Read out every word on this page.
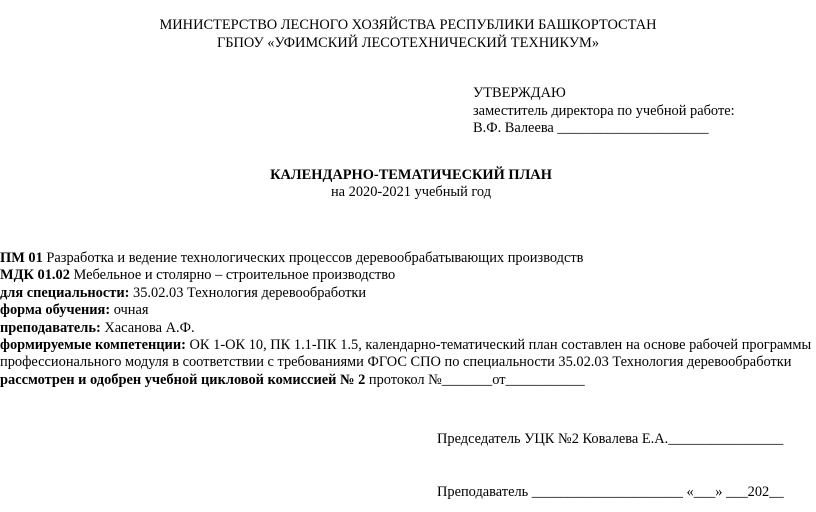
МИНИСТЕРСТВО ЛЕСНОГО ХОЗЯЙСТВА РЕСПУБЛИКИ БАШКОРТОСТАН
ГБПОУ «УФИМСКИЙ ЛЕСОТЕХНИЧЕСКИЙ ТЕХНИКУМ»
УТВЕРЖДАЮ
заместитель директора по учебной работе:
В.Ф. Валеева _____________________
КАЛЕНДАРНО-ТЕМАТИЧЕСКИЙ ПЛАН
на 2020-2021 учебный год
ПМ 01 Разработка и ведение технологических процессов деревообрабатывающих производств
МДК 01.02 Мебельное и столярно – строительное производство
для специальности: 35.02.03 Технология деревообработки
форма обучения: очная
преподаватель: Хасанова А.Ф.
формируемые компетенции: ОК 1-ОК 10, ПК 1.1-ПК 1.5, календарно-тематический план составлен на основе рабочей программы
профессионального модуля в соответствии с требованиями ФГОС СПО по специальности 35.02.03 Технология деревообработки
рассмотрен и одобрен учебной цикловой комиссией № 2 протокол №_______от___________
Председатель УЦК №2 Ковалева Е.А.________________
Преподаватель _____________________ «___» ___202__
